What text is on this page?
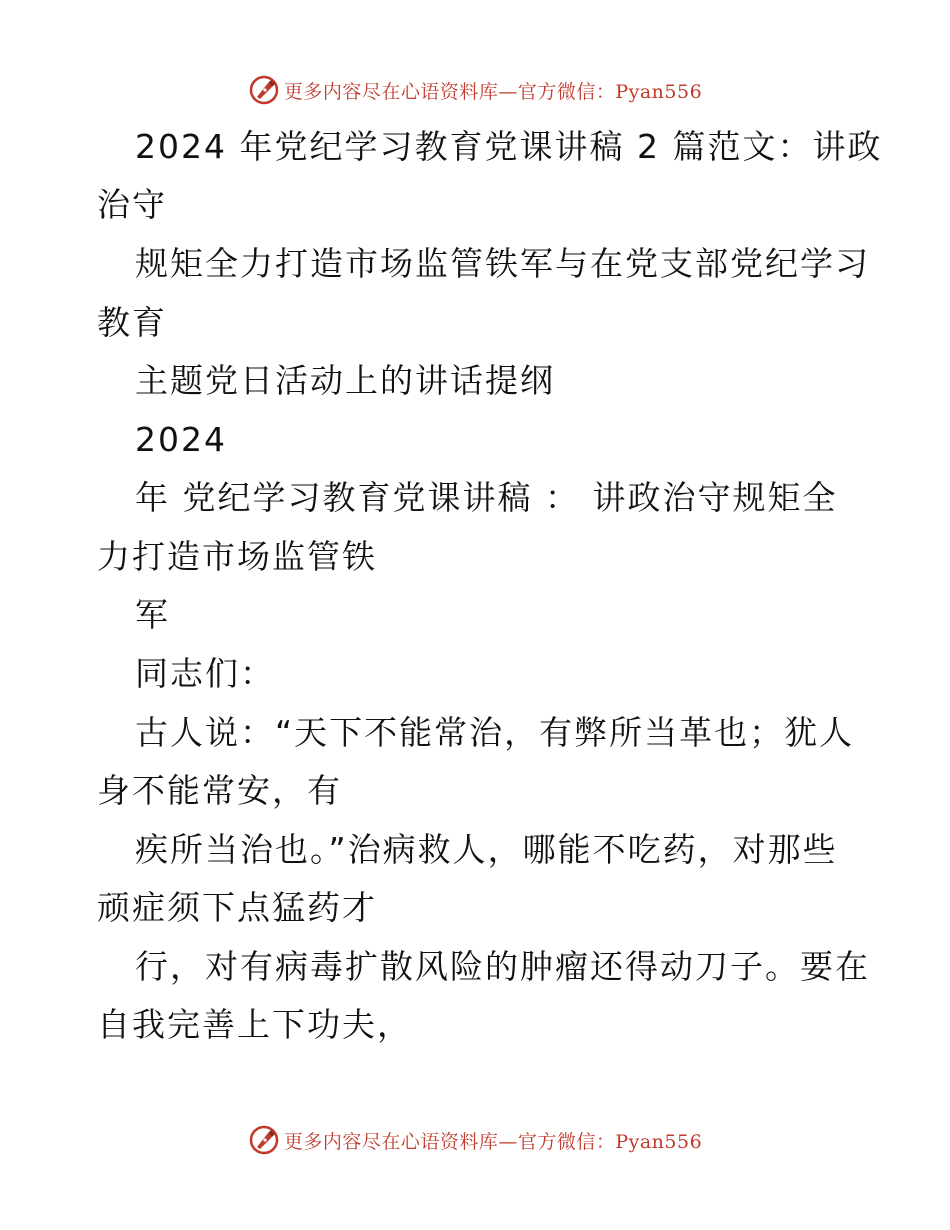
更多内容尽在心语资料库—官方微信：Pyan556
2024 年党纪学习教育党课讲稿 2 篇范文：讲政
治守
规矩全力打造市场监管铁军与在党支部党纪学习
教育
主题党日活动上的讲话提纲
2024
年 党纪学习教育党课讲稿 ： 讲政治守规矩全
力打造市场监管铁
军
同志们：
古人说：“天下不能常治，有弊所当革也；犹人
身不能常安，有
疾所当治也。”治病救人，哪能不吃药，对那些
顽症须下点猛药才
行，对有病毒扩散风险的肿瘤还得动刀子。要在
自我完善上下功夫，
更多内容尽在心语资料库—官方微信：Pyan556
